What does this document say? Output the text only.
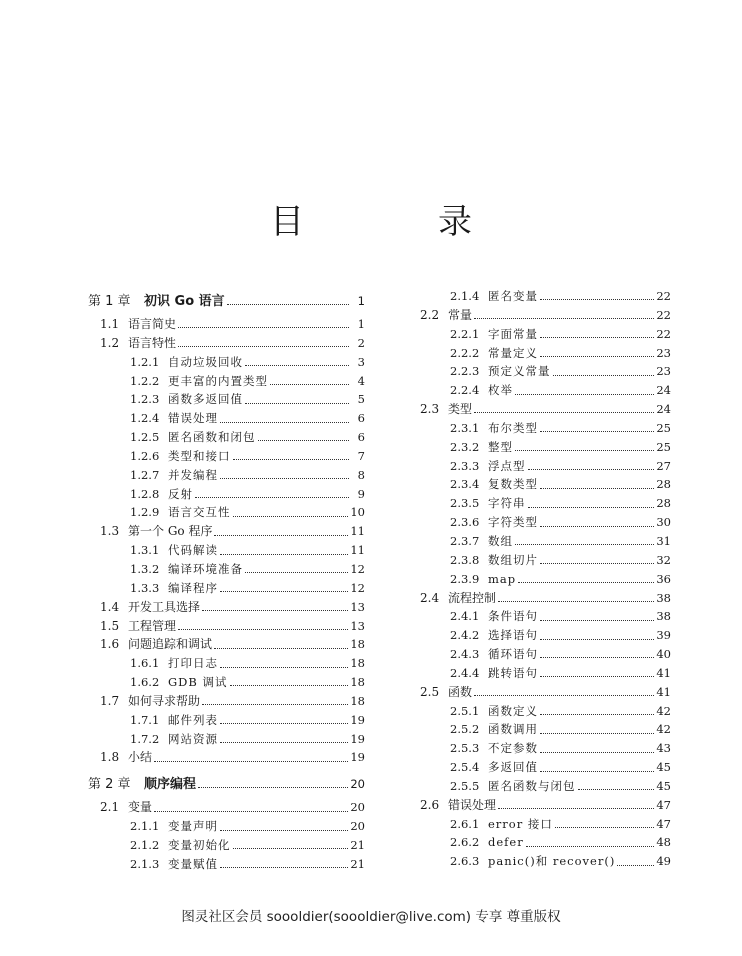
目　录
第 1 章	初识 Go 语言	1
1.1 语言简史	1
1.2 语言特性	2
1.2.1 自动垃圾回收	3
1.2.2 更丰富的内置类型	4
1.2.3 函数多返回值	5
1.2.4 错误处理	6
1.2.5 匿名函数和闭包	6
1.2.6 类型和接口	7
1.2.7 并发编程	8
1.2.8 反射	9
1.2.9 语言交互性	10
1.3 第一个 Go 程序	11
1.3.1 代码解读	11
1.3.2 编译环境准备	12
1.3.3 编译程序	12
1.4 开发工具选择	13
1.5 工程管理	13
1.6 问题追踪和调试	18
1.6.1 打印日志	18
1.6.2 GDB 调试	18
1.7 如何寻求帮助	18
1.7.1 邮件列表	19
1.7.2 网站资源	19
1.8 小结	19
第 2 章	顺序编程	20
2.1 变量	20
2.1.1 变量声明	20
2.1.2 变量初始化	21
2.1.3 变量赋值	21
2.1.4 匿名变量	22
2.2 常量	22
2.2.1 字面常量	22
2.2.2 常量定义	23
2.2.3 预定义常量	23
2.2.4 枚举	24
2.3 类型	24
2.3.1 布尔类型	25
2.3.2 整型	25
2.3.3 浮点型	27
2.3.4 复数类型	28
2.3.5 字符串	28
2.3.6 字符类型	30
2.3.7 数组	31
2.3.8 数组切片	32
2.3.9 map	36
2.4 流程控制	38
2.4.1 条件语句	38
2.4.2 选择语句	39
2.4.3 循环语句	40
2.4.4 跳转语句	41
2.5 函数	41
2.5.1 函数定义	42
2.5.2 函数调用	42
2.5.3 不定参数	43
2.5.4 多返回值	45
2.5.5 匿名函数与闭包	45
2.6 错误处理	47
2.6.1 error 接口	47
2.6.2 defer	48
2.6.3 panic()和 recover()	49
图灵社区会员 soooldier(soooldier@live.com) 专享 尊重版权
